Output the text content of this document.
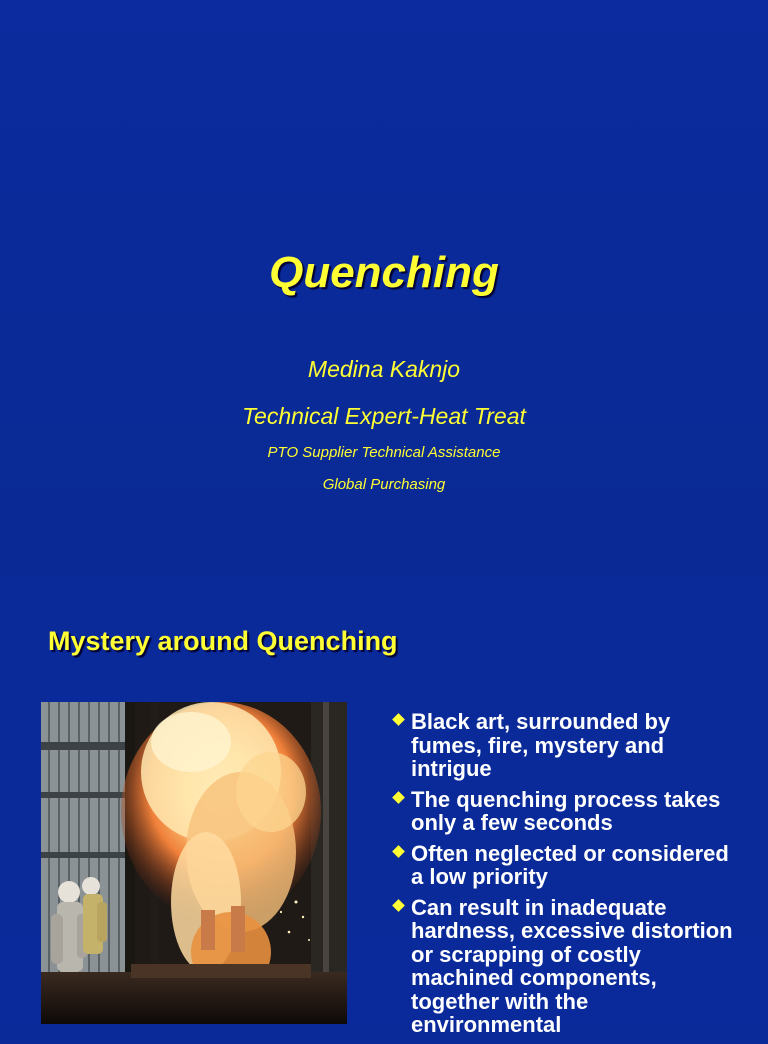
Quenching
Medina Kaknjo
Technical Expert-Heat Treat
PTO Supplier Technical Assistance
Global Purchasing
Mystery around Quenching
Black art, surrounded by fumes, fire, mystery and intrigue
The quenching process takes only a few seconds
Often neglected or considered a low priority
Can result in inadequate hardness, excessive distortion or scrapping of costly machined components, together with the environmental
